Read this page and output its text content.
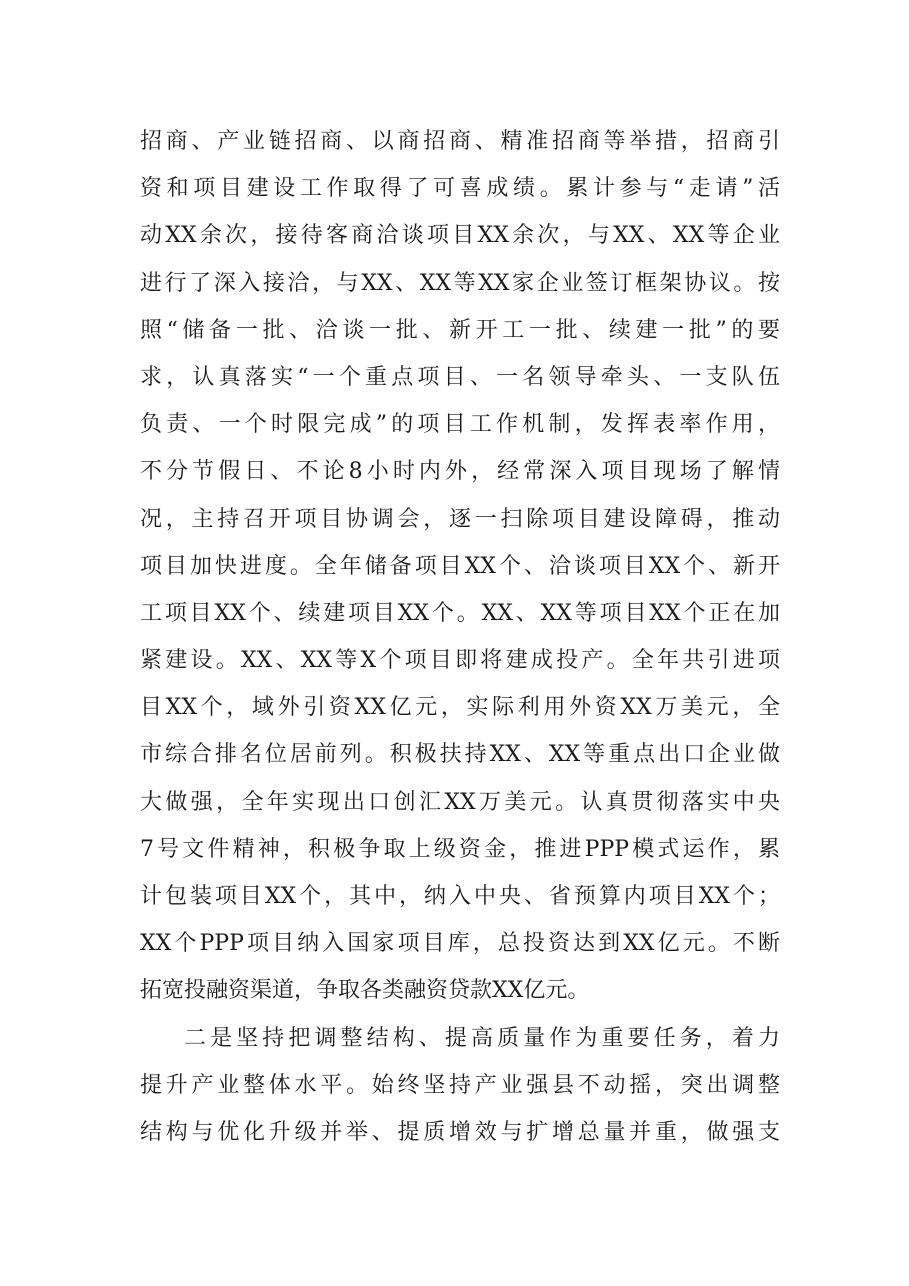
招商、产业链招商、以商招商、精准招商等举措，招商引
资和项目建设工作取得了可喜成绩。累计参与“走请”活
动XX余次，接待客商洽谈项目XX余次，与XX、XX等企业
进行了深入接洽，与XX、XX等XX家企业签订框架协议。按
照“储备一批、洽谈一批、新开工一批、续建一批”的要
求，认真落实“一个重点项目、一名领导牵头、一支队伍
负责、一个时限完成”的项目工作机制，发挥表率作用，
不分节假日、不论8小时内外，经常深入项目现场了解情
况，主持召开项目协调会，逐一扫除项目建设障碍，推动
项目加快进度。全年储备项目XX个、洽谈项目XX个、新开
工项目XX个、续建项目XX个。XX、XX等项目XX个正在加
紧建设。XX、XX等X个项目即将建成投产。全年共引进项
目XX个，域外引资XX亿元，实际利用外资XX万美元，全
市综合排名位居前列。积极扶持XX、XX等重点出口企业做
大做强，全年实现出口创汇XX万美元。认真贯彻落实中央
7号文件精神，积极争取上级资金，推进PPP模式运作，累
计包装项目XX个，其中，纳入中央、省预算内项目XX个；
XX个PPP项目纳入国家项目库，总投资达到XX亿元。不断
拓宽投融资渠道，争取各类融资贷款XX亿元。
二是坚持把调整结构、提高质量作为重要任务，着力
提升产业整体水平。始终坚持产业强县不动摇，突出调整
结构与优化升级并举、提质增效与扩增总量并重，做强支
